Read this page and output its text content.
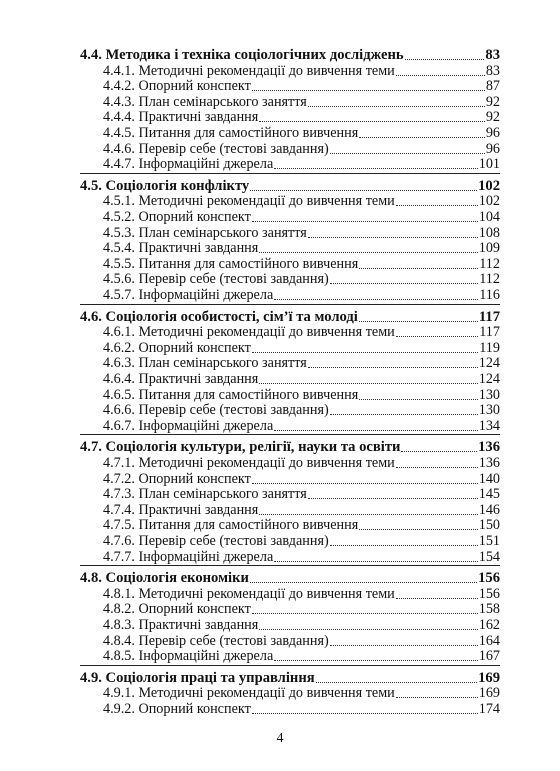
4.4. Методика і техніка соціологічних досліджень	83
4.4.1. Методичні рекомендації до вивчення теми	83
4.4.2. Опорний конспект	87
4.4.3. План семінарського заняття	92
4.4.4. Практичні завдання	92
4.4.5. Питання для самостійного вивчення	96
4.4.6. Перевір себе (тестові завдання)	96
4.4.7. Інформаційні джерела	101
4.5. Соціологія конфлікту	102
4.5.1. Методичні рекомендації до вивчення теми	102
4.5.2. Опорний конспект	104
4.5.3. План семінарського заняття	108
4.5.4. Практичні завдання	109
4.5.5. Питання для самостійного вивчення	112
4.5.6. Перевір себе (тестові завдання)	112
4.5.7. Інформаційні джерела	116
4.6. Соціологія особистості, сім’ї та молоді	117
4.6.1. Методичні рекомендації до вивчення теми	117
4.6.2. Опорний конспект	119
4.6.3. План семінарського заняття	124
4.6.4. Практичні завдання	124
4.6.5. Питання для самостійного вивчення	130
4.6.6. Перевір себе (тестові завдання)	130
4.6.7. Інформаційні джерела	134
4.7. Соціологія культури, релігії, науки та освіти	136
4.7.1. Методичні рекомендації до вивчення теми	136
4.7.2. Опорний конспект	140
4.7.3. План семінарського заняття	145
4.7.4. Практичні завдання	146
4.7.5. Питання для самостійного вивчення	150
4.7.6. Перевір себе (тестові завдання)	151
4.7.7. Інформаційні джерела	154
4.8. Соціологія економіки	156
4.8.1. Методичні рекомендації до вивчення теми	156
4.8.2. Опорний конспект	158
4.8.3. Практичні завдання	162
4.8.4. Перевір себе (тестові завдання)	164
4.8.5. Інформаційні джерела	167
4.9. Соціологія праці та управління	169
4.9.1. Методичні рекомендації до вивчення теми	169
4.9.2. Опорний конспект	174
4
